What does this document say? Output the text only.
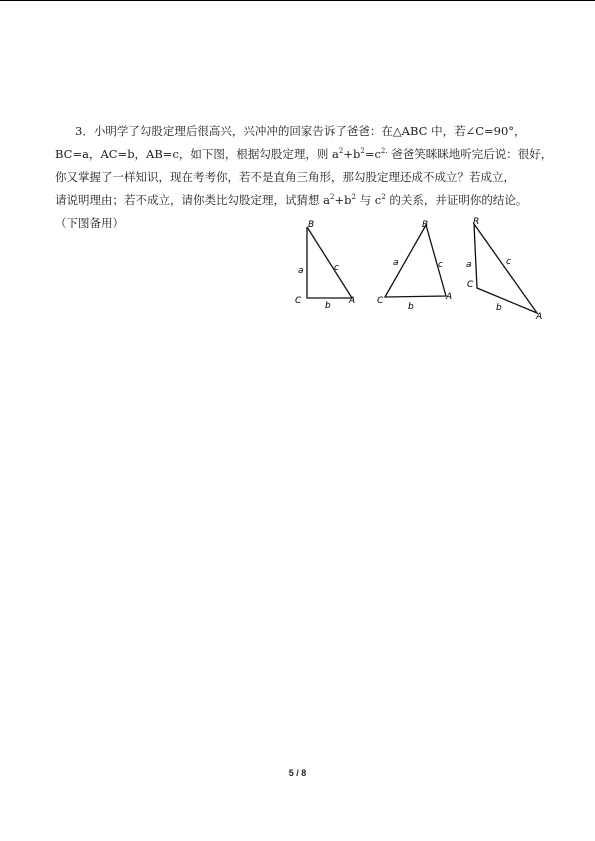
3．小明学了勾股定理后很高兴，兴冲冲的回家告诉了爸爸：在△ABC 中，若∠C=90°，

BC=a，AC=b，AB=c，如下图，根据勾股定理，则 $a^2+b^2=c^{2.}$ 爸爸笑眯眯地听完后说：很好，

你又掌握了一样知识，现在考考你，若不是直角三角形，那勾股定理还成不成立？若成立，

请说明理由；若不成立，请你类比勾股定理，试猜想 $a^2+b^2$ 与 $c^2$ 的关系，并证明你的结论。

（下图备用）	B
C	A
a
b
c
B
C	A
a
b
c
R
C
A
a
b
c
5 / 8
